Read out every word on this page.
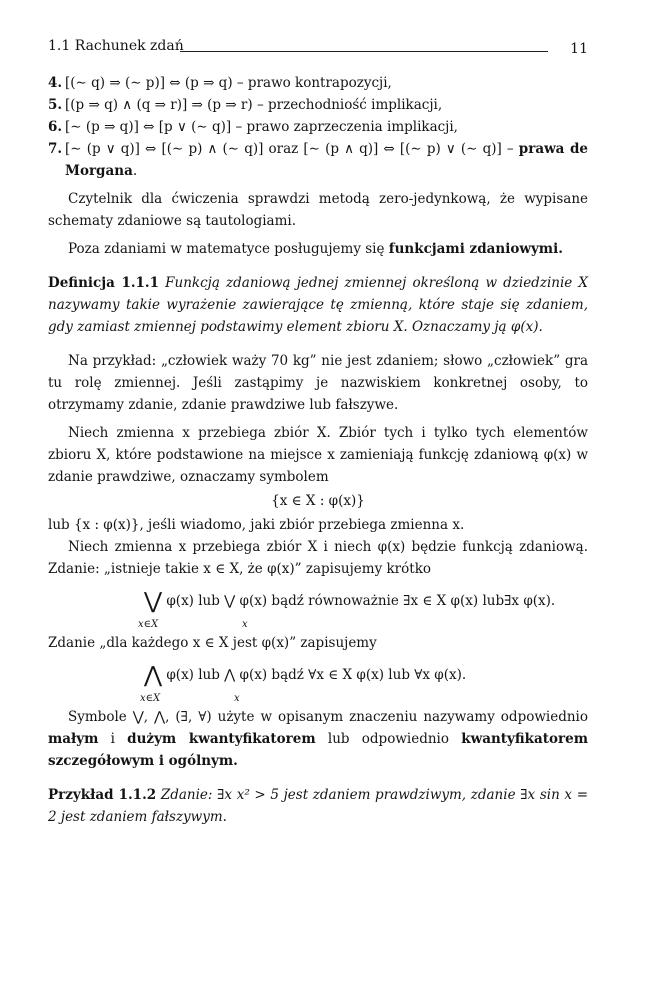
1.1 Rachunek zdań	11

4. [(∼ q) ⇒ (∼ p)] ⇔ (p ⇒ q) – prawo kontrapozycji,

5. [(p ⇒ q) ∧ (q ⇒ r)] ⇒ (p ⇒ r) – przechodniość implikacji,

6. [∼ (p ⇒ q)] ⇔ [p ∨ (∼ q)] – prawo zaprzeczenia implikacji,

7. [∼ (p ∨ q)] ⇔ [(∼ p) ∧ (∼ q)] oraz [∼ (p ∧ q)] ⇔ [(∼ p) ∨ (∼ q)] – prawa de Morgana.

Czytelnik dla ćwiczenia sprawdzi metodą zero-jedynkową, że wypisane schematy zdaniowe są tautologiami.

Poza zdaniami w matematyce posługujemy się funkcjami zdaniowymi.

Definicja 1.1.1 Funkcją zdaniową jednej zmiennej określoną w dziedzinie X nazywamy takie wyrażenie zawierające tę zmienną, które staje się zdaniem, gdy zamiast zmiennej podstawimy element zbioru X. Oznaczamy ją φ(x).

Na przykład: „człowiek waży 70 kg” nie jest zdaniem; słowo „człowiek” gra tu rolę zmiennej. Jeśli zastąpimy je nazwiskiem konkretnej osoby, to otrzymamy zdanie, zdanie prawdziwe lub fałszywe.

Niech zmienna x przebiega zbiór X. Zbiór tych i tylko tych elementów zbioru X, które podstawione na miejsce x zamieniają funkcję zdaniową φ(x) w zdanie prawdziwe, oznaczamy symbolem

{x ∈ X : φ(x)}

lub {x : φ(x)}, jeśli wiadomo, jaki zbiór przebiega zmienna x.

Niech zmienna x przebiega zbiór X i niech φ(x) będzie funkcją zdaniową. Zdanie: „istnieje takie x ∈ X, że φ(x)” zapisujemy krótko

⋁ φ(x) lub ⋁ φ(x) bądź równoważnie ∃x ∈ X φ(x) lub∃x φ(x).
x∈X	x

Zdanie „dla każdego x ∈ X jest φ(x)” zapisujemy

⋀ φ(x) lub ⋀ φ(x) bądź ∀x ∈ X φ(x) lub ∀x φ(x).
x∈X	x

Symbole ⋁, ⋀, (∃, ∀) użyte w opisanym znaczeniu nazywamy odpowiednio małym i dużym kwantyfikatorem lub odpowiednio kwantyfikatorem szczegółowym i ogólnym.

Przykład 1.1.2 Zdanie: ∃x x² > 5 jest zdaniem prawdziwym, zdanie ∃x sin x = 2 jest zdaniem fałszywym.
